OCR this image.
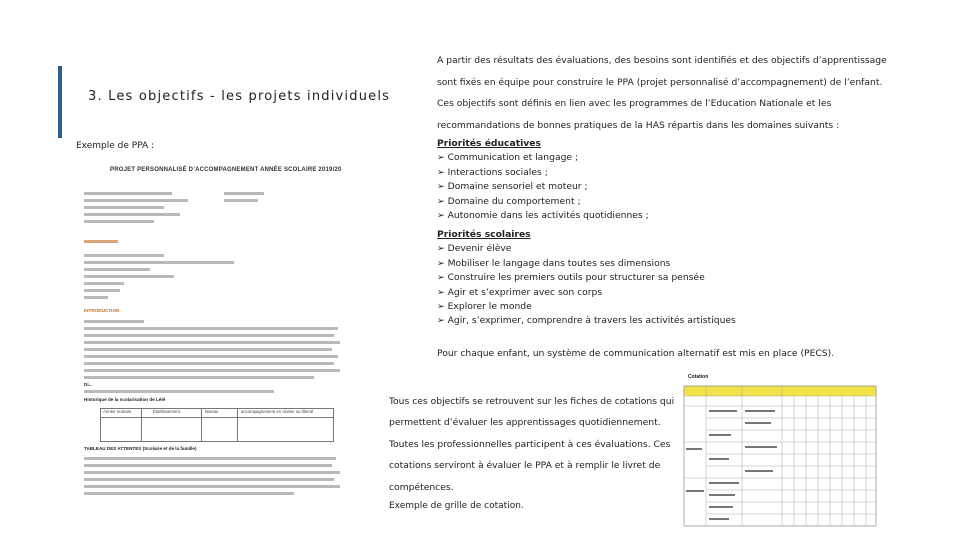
3. Les objectifs - les projets individuels
A partir des résultats des évaluations, des besoins sont identifiés et des objectifs d’apprentissage
sont fixés en équipe pour construire le PPA (projet personnalisé d’accompagnement) de l’enfant.
Ces objectifs sont définis en lien avec les programmes de l’Education Nationale et les
recommandations de bonnes pratiques de la HAS répartis dans les domaines suivants :
Exemple de PPA :	Priorités éducatives
➢ Communication et langage ;
➢ Interactions sociales ;
➢ Domaine sensoriel et moteur ;
➢ Domaine du comportement ;
➢ Autonomie dans les activités quotidiennes ;
Priorités scolaires
➢ Devenir élève
➢ Mobiliser le langage dans toutes ses dimensions
➢ Construire les premiers outils pour structurer sa pensée
➢ Agir et s’exprimer avec son corps
➢ Explorer le monde
➢ Agir, s’exprimer, comprendre à travers les activités artistiques
Pour chaque enfant, un système de communication alternatif est mis en place (PECS).
Tous ces objectifs se retrouvent sur les fiches de cotations qui
permettent d’évaluer les apprentissages quotidiennement.
Toutes les professionnelles participent à ces évaluations. Ces
cotations serviront à évaluer le PPA et à remplir le livret de
compétences.
Exemple de grille de cotation.
PROJET PERSONNALISÉ D’ACCOMPAGNEMENT ANNÉE SCOLAIRE 2019/20
INTRODUCTION
Di...
Historique de la scolarisation de Lété
Année scolaire	Établissement	Niveau	accompagnement en classe ou liberal
TABLEAU DES ATTENTES (Scolaire et de la famille)
Cotation
